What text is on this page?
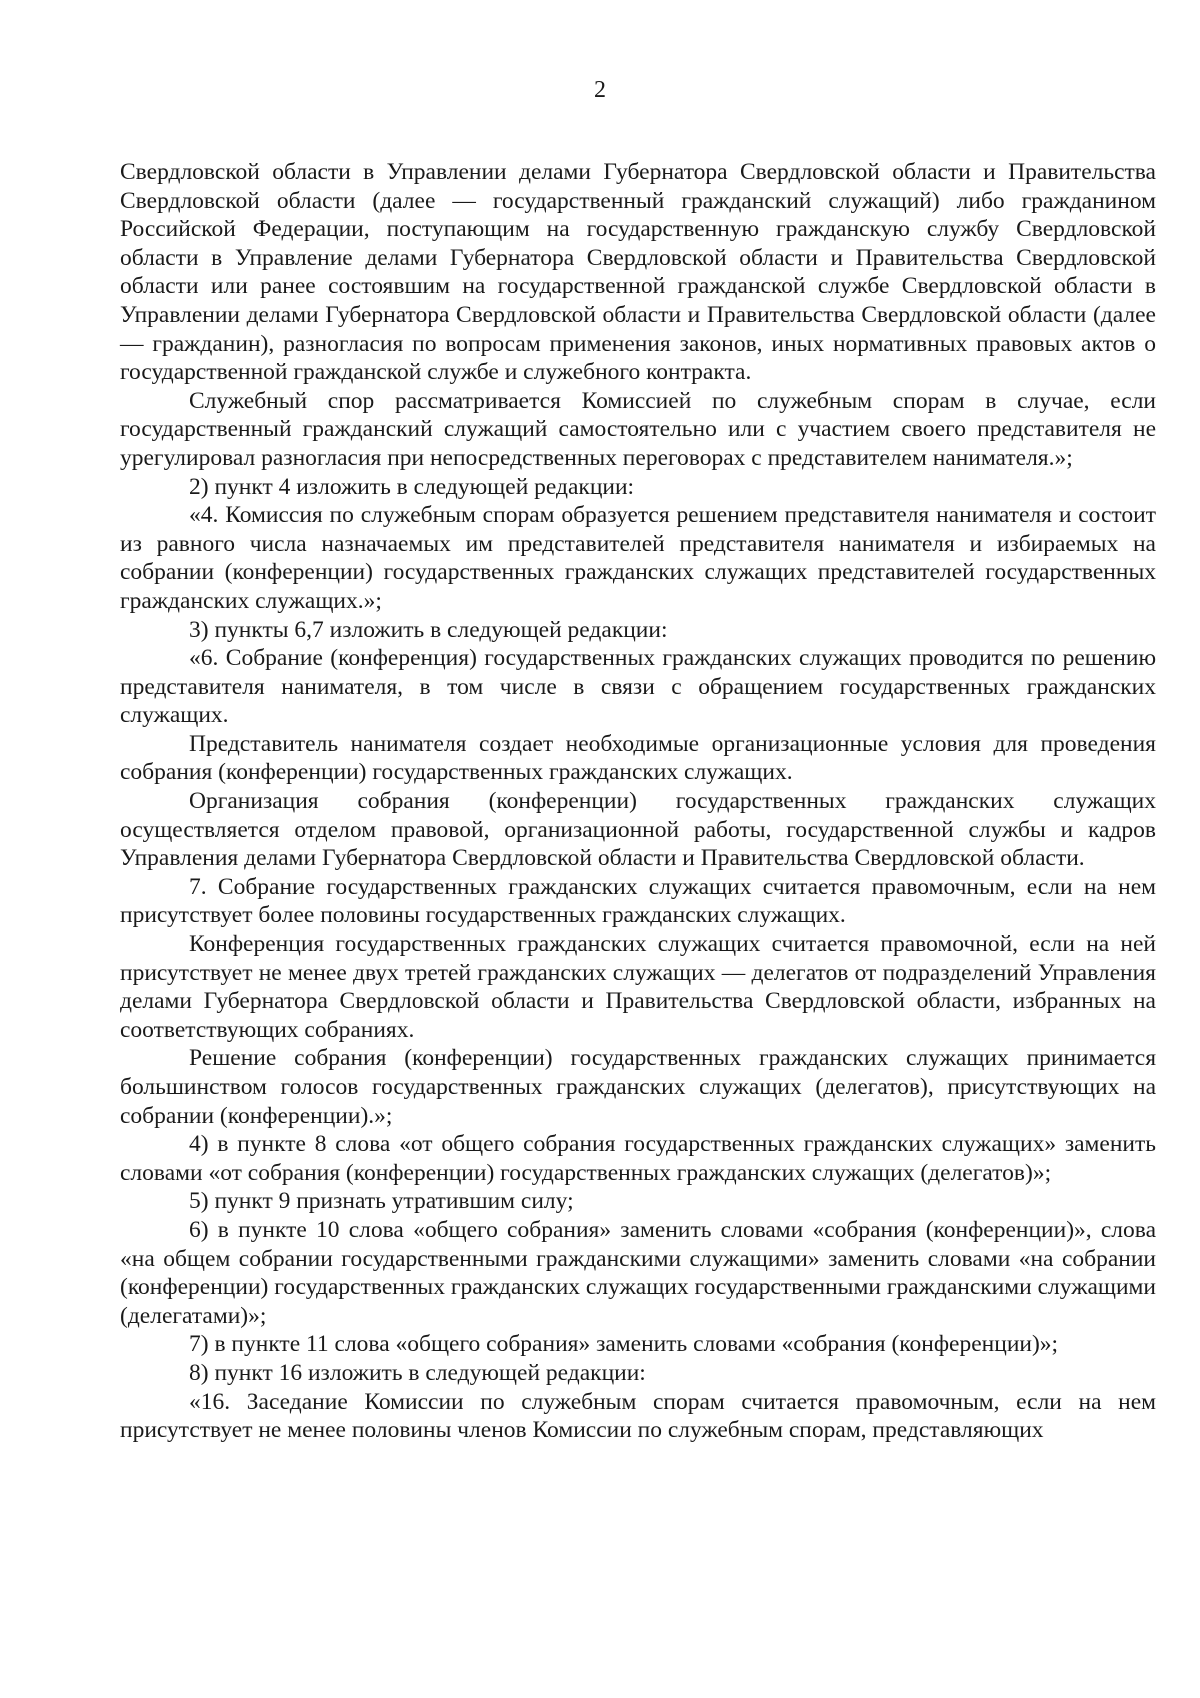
2

Свердловской области в Управлении делами Губернатора Свердловской области и Правительства Свердловской области (далее — государственный гражданский служащий) либо гражданином Российской Федерации, поступающим на государственную гражданскую службу Свердловской области в Управление делами Губернатора Свердловской области и Правительства Свердловской области или ранее состоявшим на государственной гражданской службе Свердловской области в Управлении делами Губернатора Свердловской области и Правительства Свердловской области (далее — гражданин), разногласия по вопросам применения законов, иных нормативных правовых актов о государственной гражданской службе и служебного контракта.

Служебный спор рассматривается Комиссией по служебным спорам в случае, если государственный гражданский служащий самостоятельно или с участием своего представителя не урегулировал разногласия при непосредственных переговорах с представителем нанимателя.»;

2) пункт 4 изложить в следующей редакции:

«4. Комиссия по служебным спорам образуется решением представителя нанимателя и состоит из равного числа назначаемых им представителей представителя нанимателя и избираемых на собрании (конференции) государственных гражданских служащих представителей государственных гражданских служащих.»;

3) пункты 6,7 изложить в следующей редакции:

«6. Собрание (конференция) государственных гражданских служащих проводится по решению представителя нанимателя, в том числе в связи с обращением государственных гражданских служащих.

Представитель нанимателя создает необходимые организационные условия для проведения собрания (конференции) государственных гражданских служащих.

Организация собрания (конференции) государственных гражданских служащих осуществляется отделом правовой, организационной работы, государственной службы и кадров Управления делами Губернатора Свердловской области и Правительства Свердловской области.

7. Собрание государственных гражданских служащих считается правомочным, если на нем присутствует более половины государственных гражданских служащих.

Конференция государственных гражданских служащих считается правомочной, если на ней присутствует не менее двух третей гражданских служащих — делегатов от подразделений Управления делами Губернатора Свердловской области и Правительства Свердловской области, избранных на соответствующих собраниях.

Решение собрания (конференции) государственных гражданских служащих принимается большинством голосов государственных гражданских служащих (делегатов), присутствующих на собрании (конференции).»;

4) в пункте 8 слова «от общего собрания государственных гражданских служащих» заменить словами «от собрания (конференции) государственных гражданских служащих (делегатов)»;

5) пункт 9 признать утратившим силу;

6) в пункте 10 слова «общего собрания» заменить словами «собрания (конференции)», слова «на общем собрании государственными гражданскими служащими» заменить словами «на собрании (конференции) государственных гражданских служащих государственными гражданскими служащими (делегатами)»;

7) в пункте 11 слова «общего собрания» заменить словами «собрания (конференции)»;

8) пункт 16 изложить в следующей редакции:

«16. Заседание Комиссии по служебным спорам считается правомочным, если на нем присутствует не менее половины членов Комиссии по служебным спорам, представляющих
